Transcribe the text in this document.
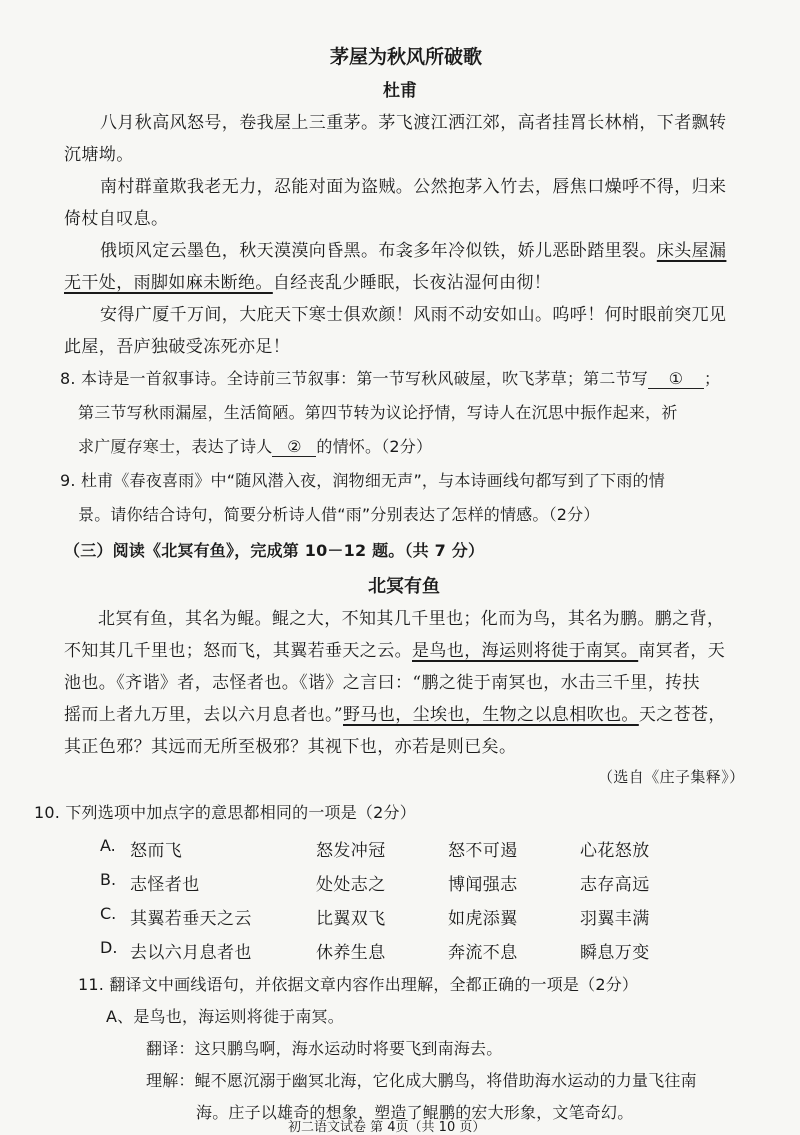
茅屋为秋风所破歌
杜甫
八月秋高风怒号，卷我屋上三重茅。茅飞渡江洒江郊，高者挂罥长林梢，下者飘转
沉塘坳。
南村群童欺我老无力，忍能对面为盗贼。公然抱茅入竹去，唇焦口燥呼不得，归来
倚杖自叹息。
俄顷风定云墨色，秋天漠漠向昏黑。布衾多年冷似铁，娇儿恶卧踏里裂。床头屋漏
无干处，雨脚如麻未断绝。自经丧乱少睡眠，长夜沾湿何由彻！
安得广厦千万间，大庇天下寒士俱欢颜！风雨不动安如山。呜呼！何时眼前突兀见
此屋，吾庐独破受冻死亦足！
8. 本诗是一首叙事诗。全诗前三节叙事：第一节写秋风破屋，吹飞茅草；第二节写 ① ；
第三节写秋雨漏屋，生活简陋。第四节转为议论抒情，写诗人在沉思中振作起来，祈
求广厦存寒士，表达了诗人 ② 的情怀。（2分）
9. 杜甫《春夜喜雨》中“随风潜入夜，润物细无声”，与本诗画线句都写到了下雨的情
景。请你结合诗句，简要分析诗人借“雨”分别表达了怎样的情感。（2分）
（三）阅读《北冥有鱼》，完成第 10－12 题。（共 7 分）
北冥有鱼
北冥有鱼，其名为鲲。鲲之大，不知其几千里也；化而为鸟，其名为鹏。鹏之背，
不知其几千里也；怒而飞，其翼若垂天之云。是鸟也，海运则将徙于南冥。南冥者，天
池也。《齐谐》者，志怪者也。《谐》之言曰：“鹏之徙于南冥也，水击三千里，抟扶
摇而上者九万里，去以六月息者也。”野马也，尘埃也，生物之以息相吹也。天之苍苍，
其正色邪？其远而无所至极邪？其视下也，亦若是则已矣。
（选自《庄子集释》）
10. 下列选项中加点字的意思都相同的一项是（2分）
A. 怒而飞	怒发冲冠	怒不可遏	心花怒放
B. 志怪者也	处处志之	博闻强志	志存高远
C. 其翼若垂天之云	比翼双飞	如虎添翼	羽翼丰满
D. 去以六月息者也	休养生息	奔流不息	瞬息万变
11. 翻译文中画线语句，并依据文章内容作出理解，全都正确的一项是（2分）
A、是鸟也，海运则将徙于南冥。
翻译：这只鹏鸟啊，海水运动时将要飞到南海去。
理解：鲲不愿沉溺于幽冥北海，它化成大鹏鸟，将借助海水运动的力量飞往南
海。庄子以雄奇的想象，塑造了鲲鹏的宏大形象，文笔奇幻。
初二语文试卷 第 4页（共 10 页）
